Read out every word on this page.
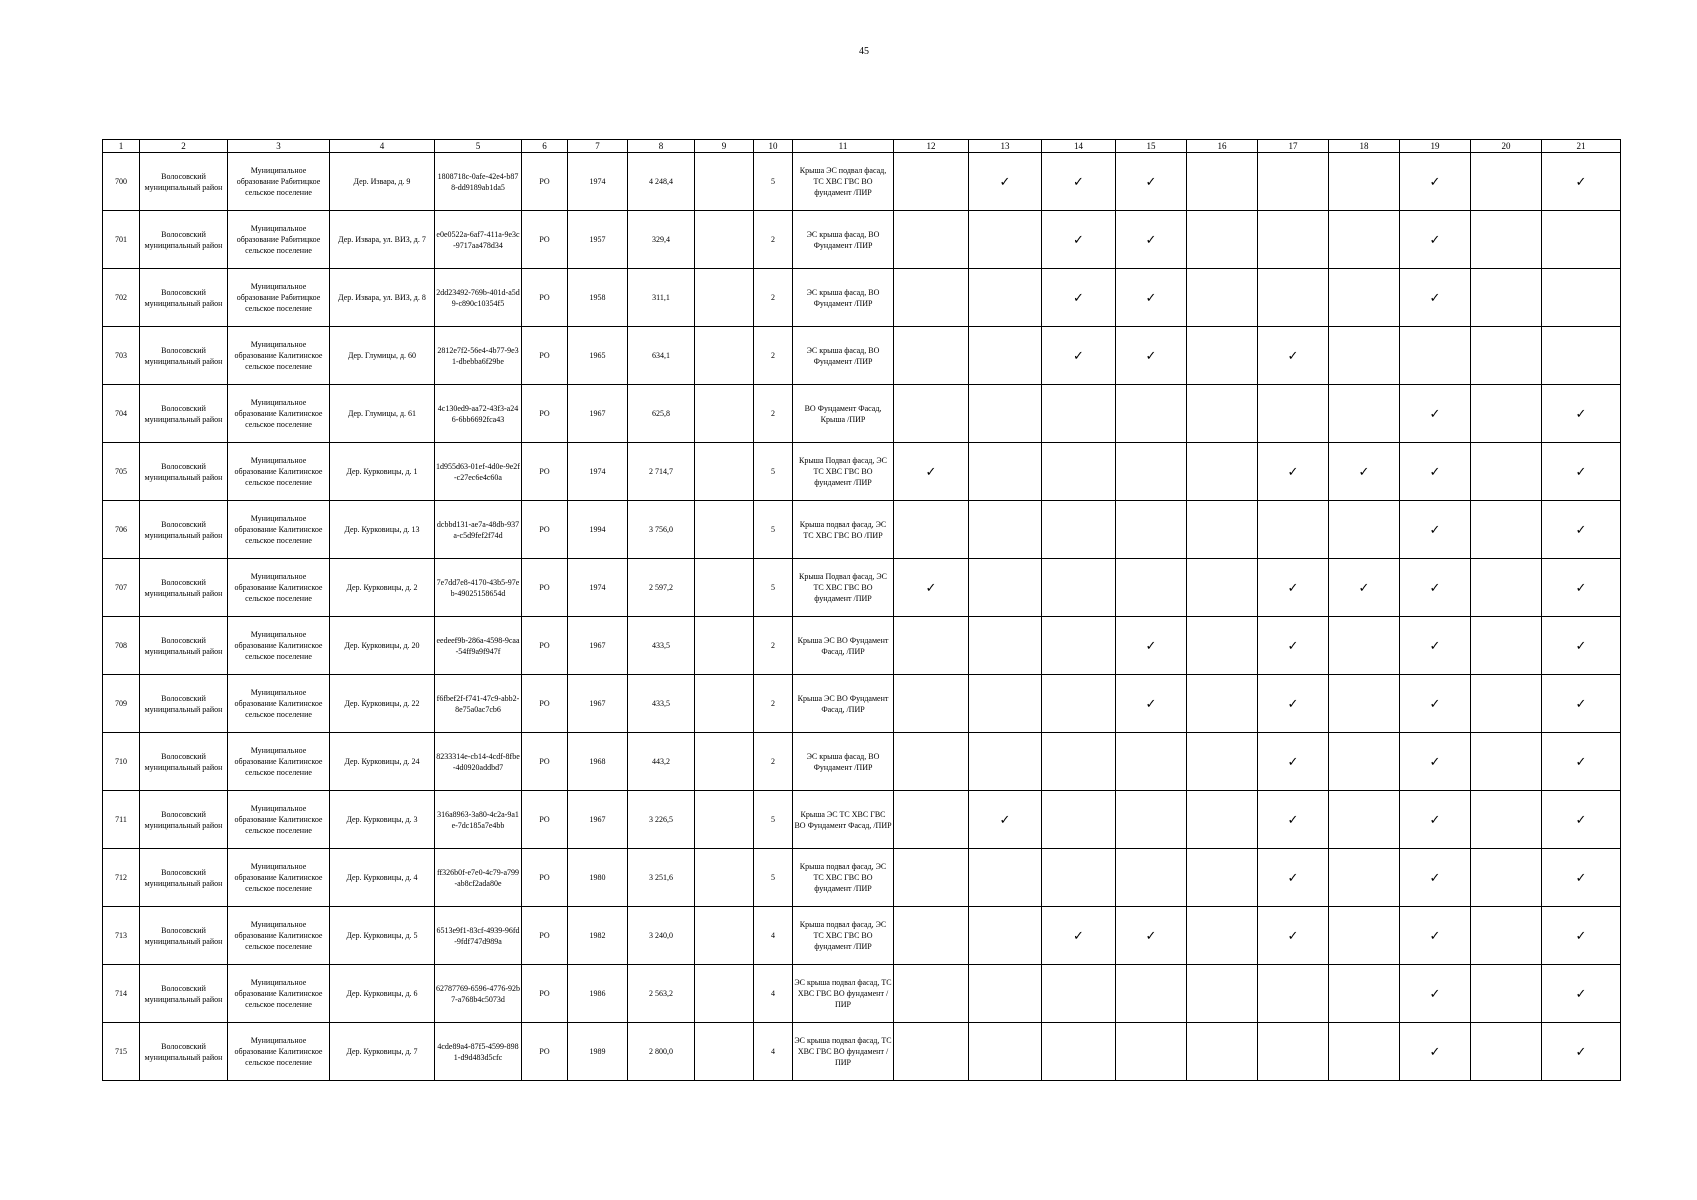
45
1	2	3	4	5	6	7	8	9	10	11	12	13	14	15	16	17	18	19	20	21
700	Волосовский муниципальный район	Муниципальное образование Рабитицкое сельское поселение	Дер. Извара, д. 9	1808718c-0afe-42e4-b878-dd9189ab1da5	РО	1974	4 248,4		5	Крыша ЭС подвал фасад, ТС ХВС ГВС ВО фундамент /ПИР		✓	✓	✓				✓		✓
701	Волосовский муниципальный район	Муниципальное образование Рабитицкое сельское поселение	Дер. Извара, ул. ВИЗ, д. 7	e0e0522a-6af7-411a-9e3c-9717aa478d34	РО	1957	329,4		2	ЭС крыша фасад, ВО Фундамент /ПИР			✓	✓				✓		
702	Волосовский муниципальный район	Муниципальное образование Рабитицкое сельское поселение	Дер. Извара, ул. ВИЗ, д. 8	2dd23492-769b-401d-a5d9-c890c10354f5	РО	1958	311,1		2	ЭС крыша фасад, ВО Фундамент /ПИР			✓	✓				✓		
703	Волосовский муниципальный район	Муниципальное образование Калитинское сельское поселение	Дер. Глумицы, д. 60	2812e7f2-56e4-4b77-9e31-dbebba6f29be	РО	1965	634,1		2	ЭС крыша фасад, ВО Фундамент /ПИР			✓	✓		✓				
704	Волосовский муниципальный район	Муниципальное образование Калитинское сельское поселение	Дер. Глумицы, д. 61	4c130ed9-aa72-43f3-a246-6bb6692fca43	РО	1967	625,8		2	ВО Фундамент Фасад, Крыша /ПИР								✓		✓
705	Волосовский муниципальный район	Муниципальное образование Калитинское сельское поселение	Дер. Курковицы, д. 1	1d955d63-01ef-4d0e-9e2f-c27ec6e4c60a	РО	1974	2 714,7		5	Крыша Подвал фасад, ЭС ТС ХВС ГВС ВО фундамент /ПИР	✓					✓	✓	✓		✓
706	Волосовский муниципальный район	Муниципальное образование Калитинское сельское поселение	Дер. Курковицы, д. 13	dcbbd131-ae7a-48db-937a-c5d9fef2f74d	РО	1994	3 756,0		5	Крыша подвал фасад, ЭС ТС ХВС ГВС ВО /ПИР								✓		✓
707	Волосовский муниципальный район	Муниципальное образование Калитинское сельское поселение	Дер. Курковицы, д. 2	7e7dd7e8-4170-43b5-97eb-49025158654d	РО	1974	2 597,2		5	Крыша Подвал фасад, ЭС ТС ХВС ГВС ВО фундамент /ПИР	✓					✓	✓	✓		✓
708	Волосовский муниципальный район	Муниципальное образование Калитинское сельское поселение	Дер. Курковицы, д. 20	eedeef9b-286a-4598-9caa-54ff9a9f947f	РО	1967	433,5		2	Крыша ЭС ВО Фундамент Фасад, /ПИР				✓		✓		✓		✓
709	Волосовский муниципальный район	Муниципальное образование Калитинское сельское поселение	Дер. Курковицы, д. 22	f6fbef2f-f741-47c9-abb2-8e75a0ac7cb6	РО	1967	433,5		2	Крыша ЭС ВО Фундамент Фасад, /ПИР				✓		✓		✓		✓
710	Волосовский муниципальный район	Муниципальное образование Калитинское сельское поселение	Дер. Курковицы, д. 24	8233314e-cb14-4cdf-8fbe-4d0920addbd7	РО	1968	443,2		2	ЭС крыша фасад, ВО Фундамент /ПИР						✓		✓		✓
711	Волосовский муниципальный район	Муниципальное образование Калитинское сельское поселение	Дер. Курковицы, д. 3	316a8963-3a80-4c2a-9a1e-7dc185a7e4bb	РО	1967	3 226,5		5	Крыша ЭС ТС ХВС ГВС ВО Фундамент Фасад, /ПИР		✓				✓		✓		✓
712	Волосовский муниципальный район	Муниципальное образование Калитинское сельское поселение	Дер. Курковицы, д. 4	ff326b0f-e7e0-4c79-a799-ab8cf2ada80e	РО	1980	3 251,6		5	Крыша подвал фасад, ЭС ТС ХВС ГВС ВО фундамент /ПИР						✓		✓		✓
713	Волосовский муниципальный район	Муниципальное образование Калитинское сельское поселение	Дер. Курковицы, д. 5	6513e9f1-83cf-4939-96fd-9fdf747d989a	РО	1982	3 240,0		4	Крыша подвал фасад, ЭС ТС ХВС ГВС ВО фундамент /ПИР			✓	✓		✓		✓		✓
714	Волосовский муниципальный район	Муниципальное образование Калитинское сельское поселение	Дер. Курковицы, д. 6	62787769-6596-4776-92b7-a768b4c5073d	РО	1986	2 563,2		4	ЭС крыша подвал фасад, ТС ХВС ГВС ВО фундамент /ПИР								✓		✓
715	Волосовский муниципальный район	Муниципальное образование Калитинское сельское поселение	Дер. Курковицы, д. 7	4cde89a4-87f5-4599-8981-d9d483d5cfc	РО	1989	2 800,0		4	ЭС крыша подвал фасад, ТС ХВС ГВС ВО фундамент /ПИР								✓		✓
